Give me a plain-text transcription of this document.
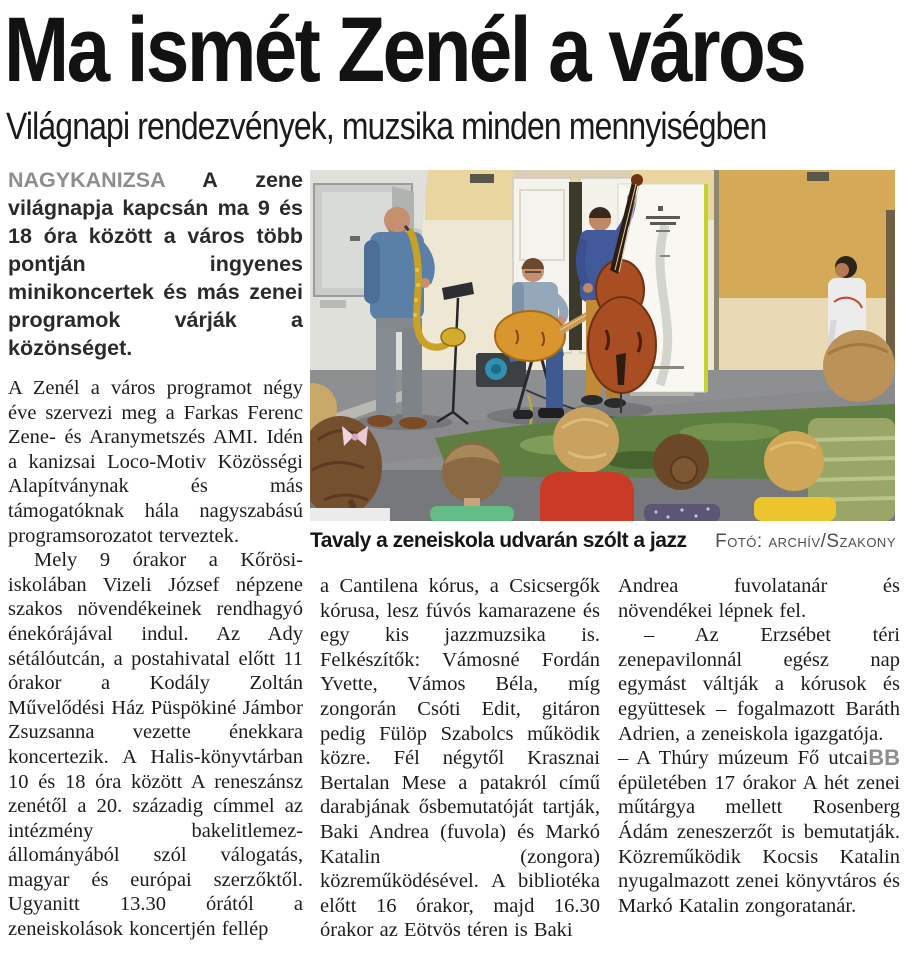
Ma ismét Zenél a város
Világnapi rendezvények, muzsika minden mennyiségben

NAGYKANIZSA A zene világnapja kapcsán ma 9 és 18 óra között a város több pontján ingyenes minikoncertek és más zenei programok várják a közönséget.

A Zenél a város programot négy éve szervezi meg a Farkas Ferenc Zene- és Aranymetszés AMI. Idén a kanizsai Loco-Motiv Közösségi Alapítványnak és más támogatóknak hála nagyszabású programsorozatot terveztek.

Mely 9 órakor a Kőrösi-iskolában Vizeli József népzene szakos növendékeinek rendhagyó énekórájával indul. Az Ady sétálóutcán, a postahivatal előtt 11 órakor a Kodály Zoltán Művelődési Ház Püspökiné Jámbor Zsuzsanna vezette énekkara koncertezik. A Halis-könyvtárban 10 és 18 óra között A reneszánsz zenétől a 20. századig címmel az intézmény bakelitlemez-állományából szól válogatás, magyar és európai szerzőktől. Ugyanitt 13.30 órától a zeneiskolások koncertjén fellép

Tavaly a zeneiskola udvarán szólt a jazz Fotó: archív/Szakony

a Cantilena kórus, a Csicsergők kórusa, lesz fúvós kamarazene és egy kis jazzmuzsika is. Felkészítők: Vámosné Fordán Yvette, Vámos Béla, míg zongorán Csóti Edit, gitáron pedig Fülöp Szabolcs működik közre. Fél négytől Krasznai Bertalan Mese a patakról című darabjának ősbemutatóját tartják, Baki Andrea (fuvola) és Markó Katalin (zongora) közreműködésével. A bibliotéka előtt 16 órakor, majd 16.30 órakor az Eötvös téren is Baki

Andrea fuvolatanár és növendékei lépnek fel.

– Az Erzsébet téri zenepavilonnál egész nap egymást váltják a kórusok és együttesek – fogalmazott Baráth Adrien, a zeneiskola igazgatója.

BB
– A Thúry múzeum Fő utcai épületében 17 órakor A hét zenei műtárgya mellett Rosenberg Ádám zeneszerzőt is bemutatják. Közreműködik Kocsis Katalin nyugalmazott zenei könyvtáros és Markó Katalin zongoratanár.
